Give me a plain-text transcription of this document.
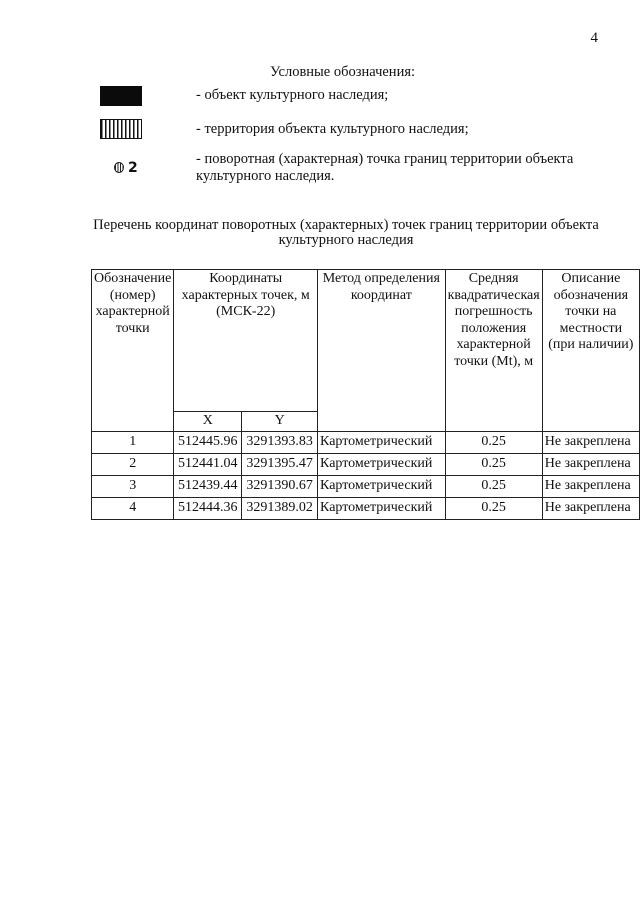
4
Условные обозначения:
- объект культурного наследия;
- территория объекта культурного наследия;
2
- поворотная (характерная) точка границ территории объекта культурного наследия.
Перечень координат поворотных (характерных) точек границ территории объекта культурного наследия
Обозначение (номер) характерной точки	Координаты характерных точек, м (МСК-22)		Метод определения координат	Средняя квадратическая погрешность положения характерной точки (Mt), м	Описание обозначения точки на местности (при наличии)
	X	Y			
1	512445.96	3291393.83	Картометрический	0.25	Не закреплена
2	512441.04	3291395.47	Картометрический	0.25	Не закреплена
3	512439.44	3291390.67	Картометрический	0.25	Не закреплена
4	512444.36	3291389.02	Картометрический	0.25	Не закреплена
